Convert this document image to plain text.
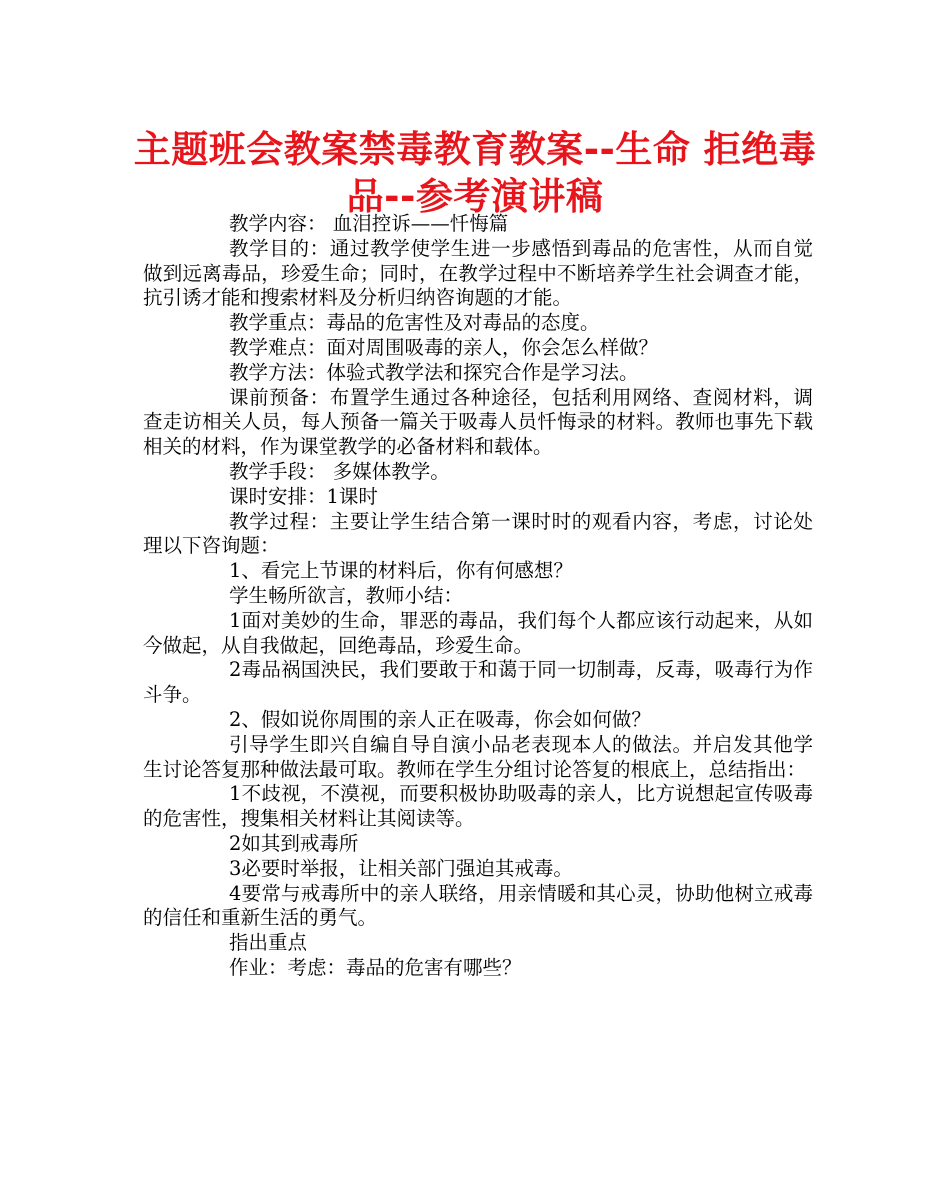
主题班会教案禁毒教育教案--生命 拒绝毒品--参考演讲稿

教学内容： 血泪控诉——忏悔篇

教学目的：通过教学使学生进一步感悟到毒品的危害性，从而自觉做到远离毒品，珍爱生命；同时，在教学过程中不断培养学生社会调查才能，抗引诱才能和搜索材料及分析归纳咨询题的才能。

教学重点：毒品的危害性及对毒品的态度。

教学难点：面对周围吸毒的亲人，你会怎么样做？

教学方法：体验式教学法和探究合作是学习法。

课前预备：布置学生通过各种途径，包括利用网络、查阅材料，调查走访相关人员，每人预备一篇关于吸毒人员忏悔录的材料。教师也事先下载相关的材料，作为课堂教学的必备材料和载体。

教学手段： 多媒体教学。

课时安排：1课时

教学过程：主要让学生结合第一课时时的观看内容，考虑，讨论处理以下咨询题：

1、看完上节课的材料后，你有何感想？

学生畅所欲言，教师小结：

1面对美妙的生命，罪恶的毒品，我们每个人都应该行动起来，从如今做起，从自我做起，回绝毒品，珍爱生命。

2毒品祸国泱民，我们要敢于和蔼于同一切制毒，反毒，吸毒行为作斗争。

2、假如说你周围的亲人正在吸毒，你会如何做？

引导学生即兴自编自导自演小品老表现本人的做法。并启发其他学生讨论答复那种做法最可取。教师在学生分组讨论答复的根底上，总结指出：

1不歧视，不漠视，而要积极协助吸毒的亲人，比方说想起宣传吸毒的危害性，搜集相关材料让其阅读等。

2如其到戒毒所

3必要时举报，让相关部门强迫其戒毒。

4要常与戒毒所中的亲人联络，用亲情暖和其心灵，协助他树立戒毒的信任和重新生活的勇气。

指出重点

作业：考虑：毒品的危害有哪些？
